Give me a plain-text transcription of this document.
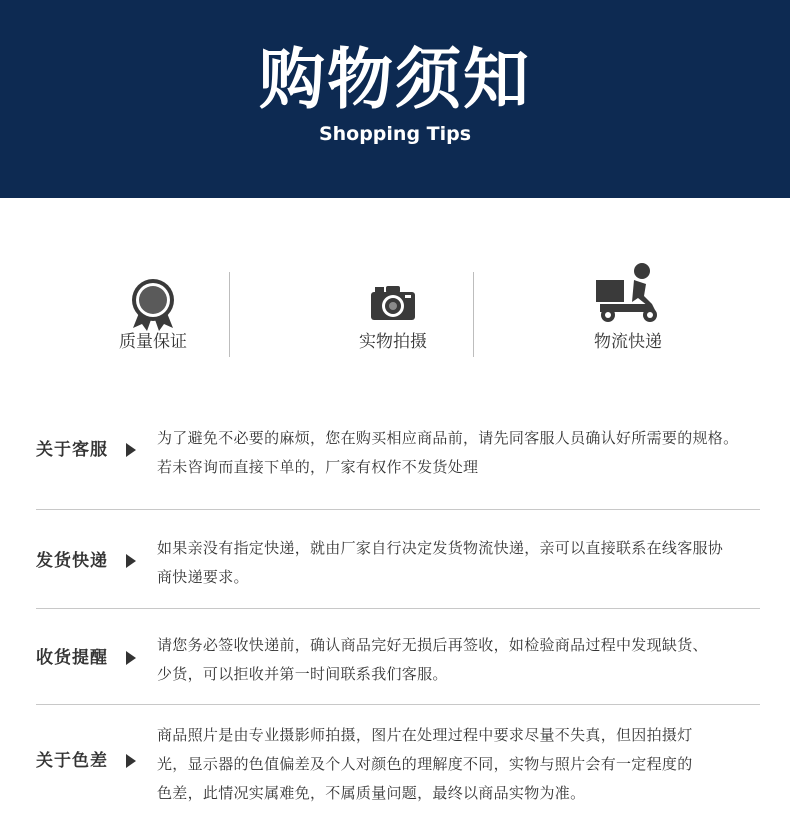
购物须知
Shopping Tips
质量保证	实物拍摄	物流快递
关于客服
为了避免不必要的麻烦，您在购买相应商品前，请先同客服人员确认好所需要的规格。
若未咨询而直接下单的，厂家有权作不发货处理
发货快递
如果亲没有指定快递，就由厂家自行决定发货物流快递，亲可以直接联系在线客服协
商快递要求。
收货提醒
请您务必签收快递前，确认商品完好无损后再签收，如检验商品过程中发现缺货、
少货，可以拒收并第一时间联系我们客服。
关于色差
商品照片是由专业摄影师拍摄，图片在处理过程中要求尽量不失真，但因拍摄灯
光，显示器的色值偏差及个人对颜色的理解度不同，实物与照片会有一定程度的
色差，此情况实属难免，不属质量问题，最终以商品实物为准。
